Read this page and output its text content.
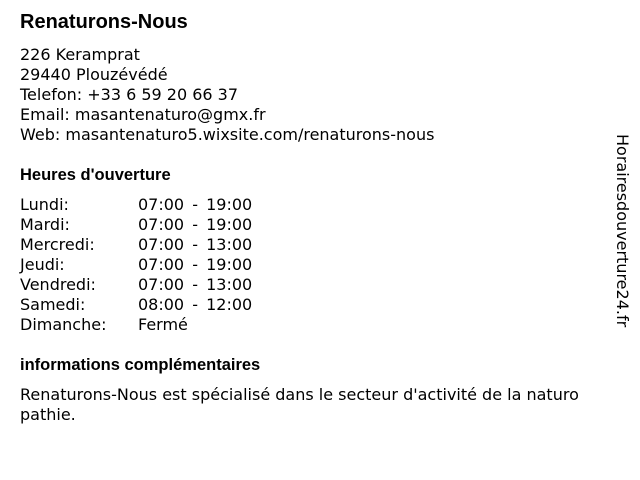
Renaturons-Nous
226 Keramprat
29440 Plouzévédé
Telefon: +33 6 59 20 66 37
Email: masantenaturo@gmx.fr
Web: masantenaturo5.wixsite.com/renaturons-nous
Heures d'ouverture
Lundi:	07:00 - 19:00
Mardi:	07:00 - 19:00
Mercredi:	07:00 - 13:00
Jeudi:	07:00 - 19:00
Vendredi:	07:00 - 13:00
Samedi:	08:00 - 12:00
Dimanche:	Fermé
informations complémentaires
Renaturons-Nous est spécialisé dans le secteur d'activité de la naturopathie.
Horairesdouverture24.fr
